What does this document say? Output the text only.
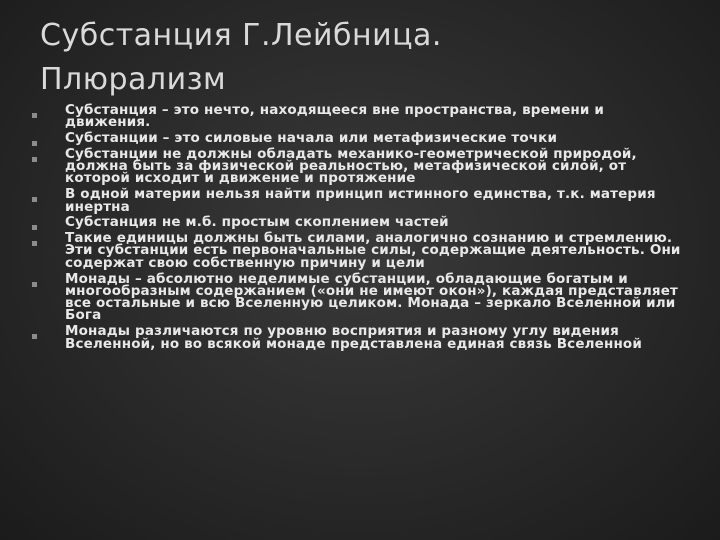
Субстанция Г.Лейбница.
Плюрализм
Субстанция – это нечто, находящееся вне пространства, времени и движения.
Субстанции – это силовые начала или метафизические точки
Субстанции не должны обладать механико-геометрической природой, должна быть за физической реальностью, метафизической силой, от которой исходит и движение и протяжение
В одной материи нельзя найти принцип истинного единства, т.к. материя инертна
Субстанция не м.б. простым скоплением частей
Такие единицы должны быть силами, аналогично сознанию и стремлению. Эти субстанции есть первоначальные силы, содержащие деятельность. Они содержат свою собственную причину и цели
Монады – абсолютно неделимые субстанции, обладающие богатым и многообразным содержанием («они не имеют окон»), каждая представляет все остальные и всю Вселенную целиком. Монада – зеркало Вселенной или Бога
Монады различаются по уровню восприятия и разному углу видения Вселенной, но во всякой монаде представлена единая связь Вселенной
